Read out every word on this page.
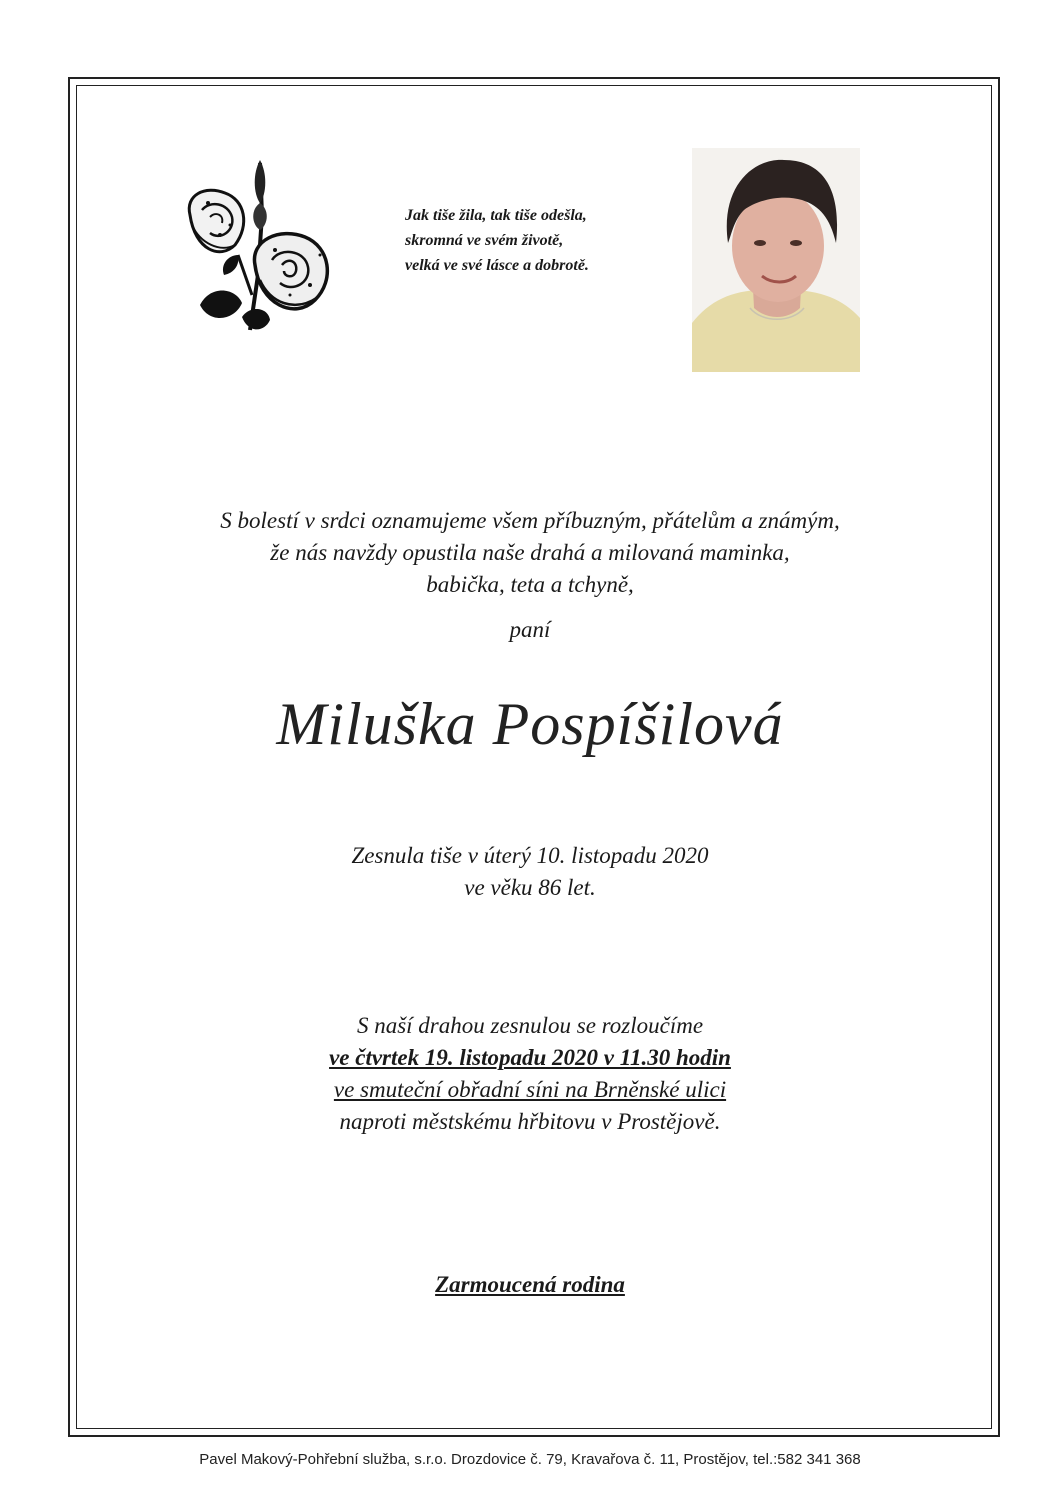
Jak tiše žila, tak tiše odešla,
skromná ve svém životě,
velká ve své lásce a dobrotě.
S bolestí v srdci oznamujeme všem příbuzným, přátelům a známým,
že nás navždy opustila naše drahá a milovaná maminka,
babička, teta a tchyně,
paní
Miluška Pospíšilová
Zesnula tiše v úterý 10. listopadu 2020
ve věku 86 let.
S naší drahou zesnulou se rozloučíme
ve čtvrtek 19. listopadu 2020 v 11.30 hodin
ve smuteční obřadní síni na Brněnské ulici
naproti městskému hřbitovu v Prostějově.
Zarmoucená rodina
Pavel Makový-Pohřební služba, s.r.o. Drozdovice č. 79, Kravařova č. 11, Prostějov, tel.:582 341 368
